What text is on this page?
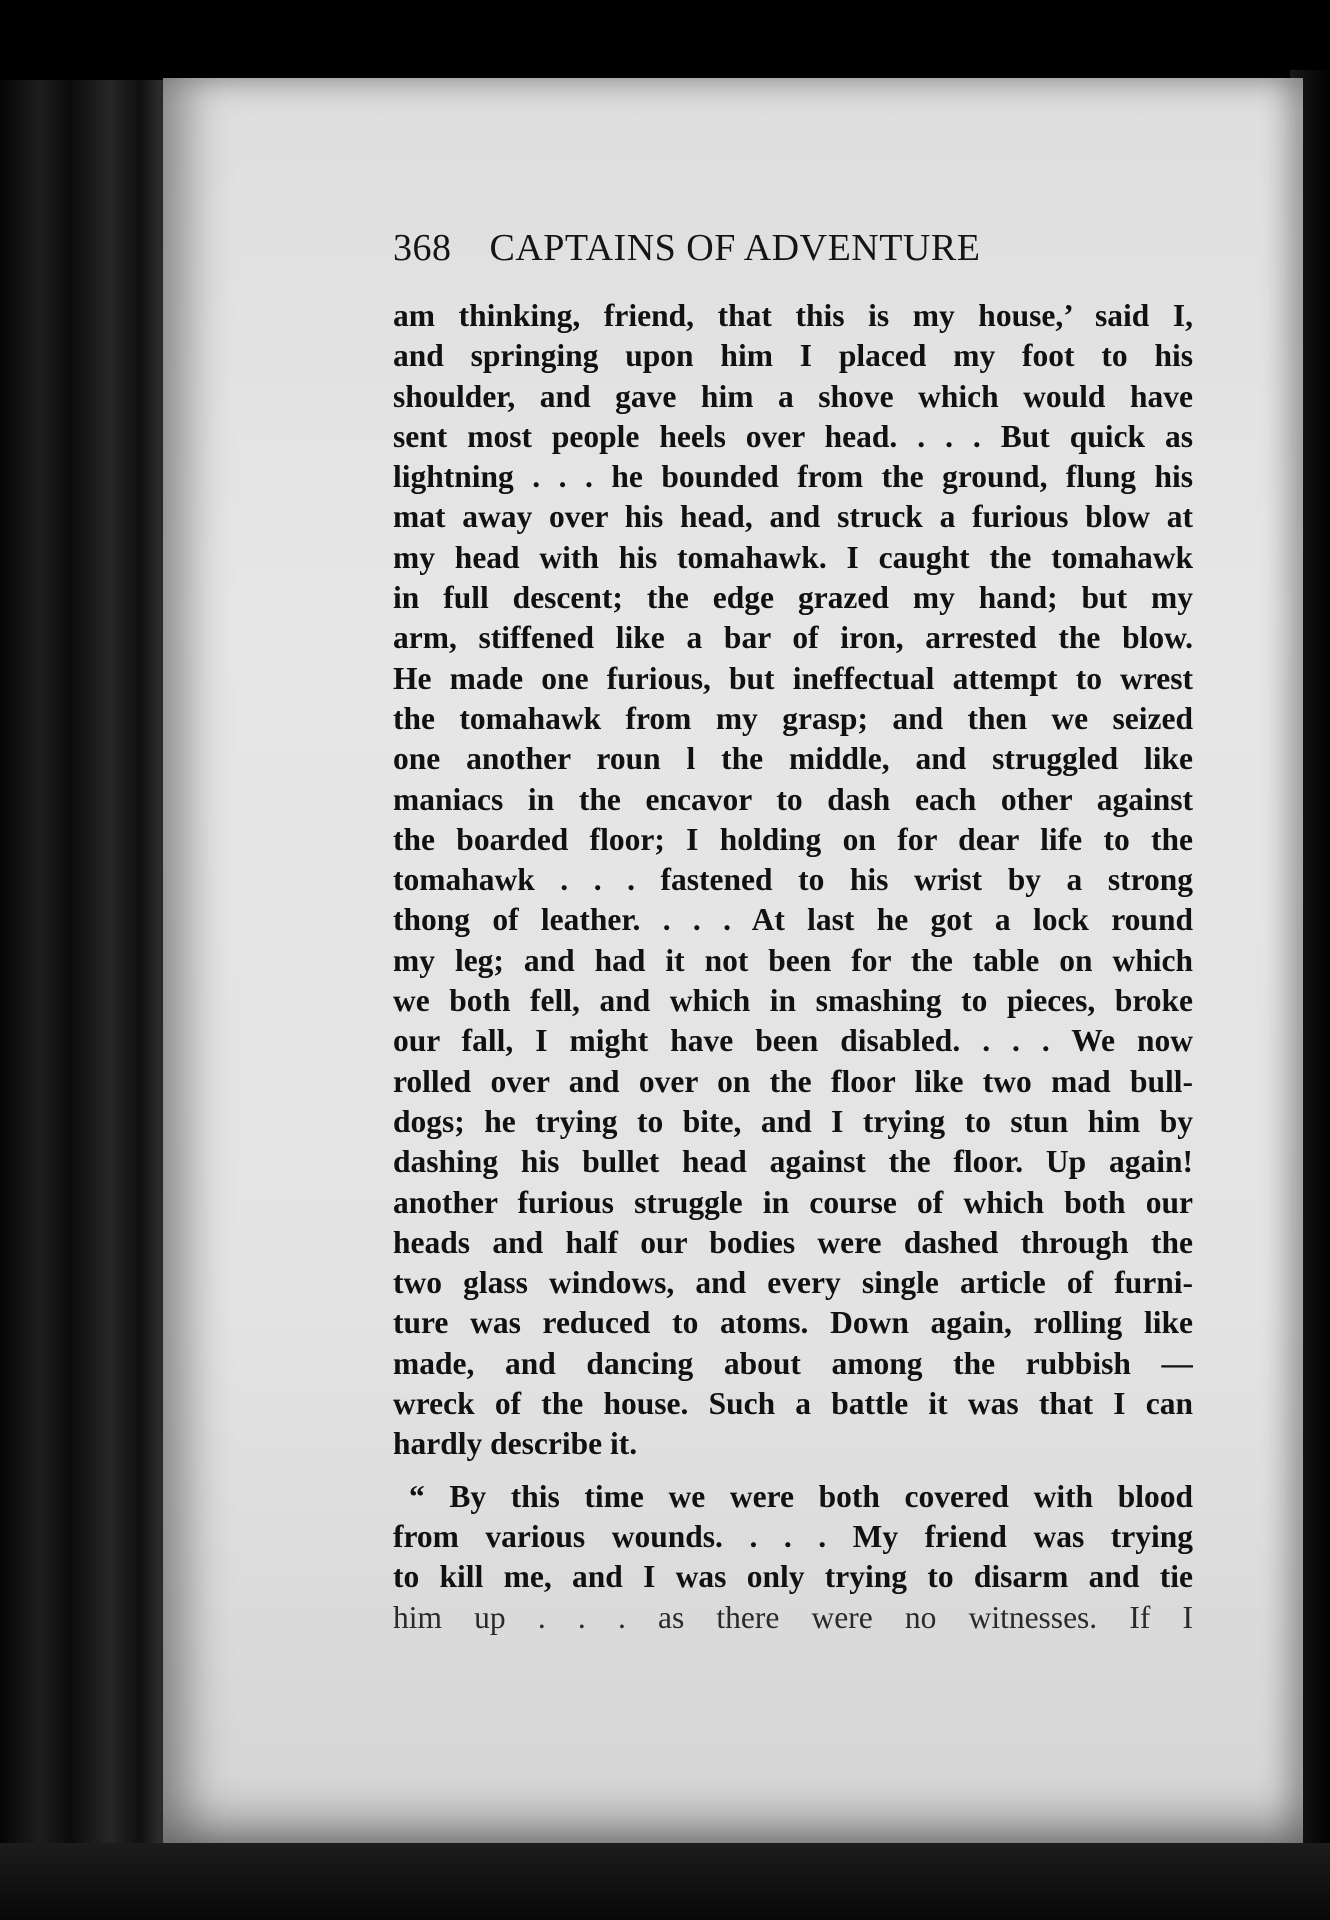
368 CAPTAINS OF ADVENTURE
am thinking, friend, that this is my house,’ said I,
and springing upon him I placed my foot to his
shoulder, and gave him a shove which would have
sent most people heels over head. . . . But quick as
lightning . . . he bounded from the ground, flung his
mat away over his head, and struck a furious blow at
my head with his tomahawk. I caught the tomahawk
in full descent; the edge grazed my hand; but my
arm, stiffened like a bar of iron, arrested the blow.
He made one furious, but ineffectual attempt to wrest
the tomahawk from my grasp; and then we seized
one another roun l the middle, and struggled like
maniacs in the encavor to dash each other against
the boarded floor; I holding on for dear life to the
tomahawk . . . fastened to his wrist by a strong
thong of leather. . . . At last he got a lock round
my leg; and had it not been for the table on which
we both fell, and which in smashing to pieces, broke
our fall, I might have been disabled. . . . We now
rolled over and over on the floor like two mad bull-
dogs; he trying to bite, and I trying to stun him by
dashing his bullet head against the floor. Up again!
another furious struggle in course of which both our
heads and half our bodies were dashed through the
two glass windows, and every single article of furni-
ture was reduced to atoms. Down again, rolling like
made, and dancing about among the rubbish —
wreck of the house. Such a battle it was that I can
hardly describe it.
“ By this time we were both covered with blood
from various wounds. . . . My friend was trying
to kill me, and I was only trying to disarm and tie
him up . . . as there were no witnesses. If I
